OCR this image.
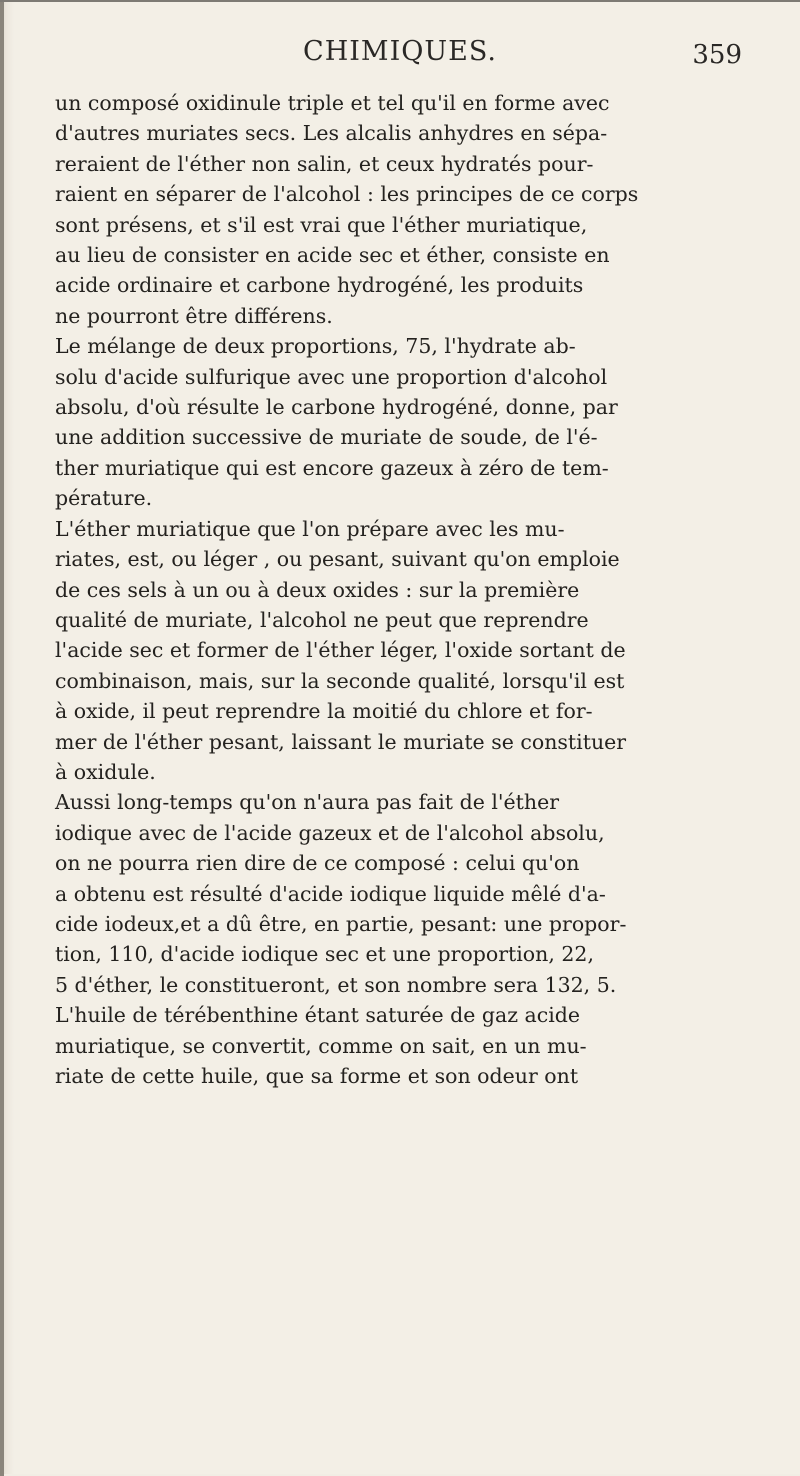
CHIMIQUES.	359

un composé oxidinule triple et tel qu'il en forme avec
d'autres muriates secs. Les alcalis anhydres en sépa-
reraient de l'éther non salin, et ceux hydratés pour-
raient en séparer de l'alcohol : les principes de ce corps
sont présens, et s'il est vrai que l'éther muriatique,
au lieu de consister en acide sec et éther, consiste en
acide ordinaire et carbone hydrogéné, les produits
ne pourront être différens.

Le mélange de deux proportions, 75, l'hydrate ab-
solu d'acide sulfurique avec une proportion d'alcohol
absolu, d'où résulte le carbone hydrogéné, donne, par
une addition successive de muriate de soude, de l'é-
ther muriatique qui est encore gazeux à zéro de tem-
pérature.

L'éther muriatique que l'on prépare avec les mu-
riates, est, ou léger , ou pesant, suivant qu'on emploie
de ces sels à un ou à deux oxides : sur la première
qualité de muriate, l'alcohol ne peut que reprendre
l'acide sec et former de l'éther léger, l'oxide sortant de
combinaison, mais, sur la seconde qualité, lorsqu'il est
à oxide, il peut reprendre la moitié du chlore et for-
mer de l'éther pesant, laissant le muriate se constituer
à oxidule.

Aussi long-temps qu'on n'aura pas fait de l'éther
iodique avec de l'acide gazeux et de l'alcohol absolu,
on ne pourra rien dire de ce composé : celui qu'on
a obtenu est résulté d'acide iodique liquide mêlé d'a-
cide iodeux,et a dû être, en partie, pesant: une propor-
tion, 110, d'acide iodique sec et une proportion, 22,
5 d'éther, le constitueront, et son nombre sera 132, 5.
L'huile de térébenthine étant saturée de gaz acide
muriatique, se convertit, comme on sait, en un mu-
riate de cette huile, que sa forme et son odeur ont
